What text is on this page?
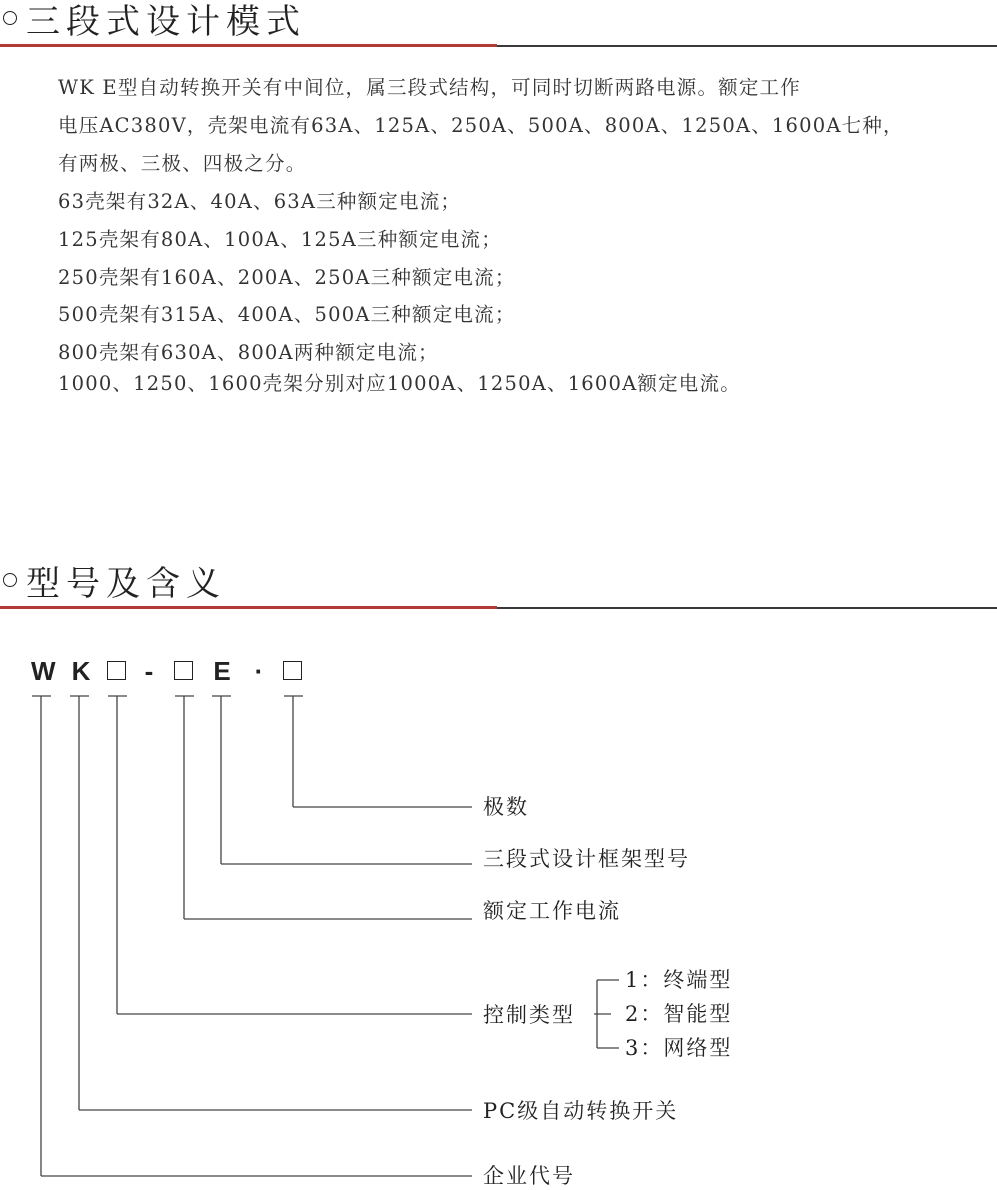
三段式设计模式
WK E型自动转换开关有中间位，属三段式结构，可同时切断两路电源。额定工作
电压AC380V，壳架电流有63A、125A、250A、500A、800A、1250A、1600A七种，
有两极、三极、四极之分。
63壳架有32A、40A、63A三种额定电流；
125壳架有80A、100A、125A三种额定电流；
250壳架有160A、200A、250A三种额定电流；
500壳架有315A、400A、500A三种额定电流；
800壳架有630A、800A两种额定电流；
1000、1250、1600壳架分别对应1000A、1250A、1600A额定电流。
型号及含义
W K - E ·
极数
三段式设计框架型号
额定工作电流
控制类型
PC级自动转换开关
企业代号
1：终端型
2：智能型
3：网络型
